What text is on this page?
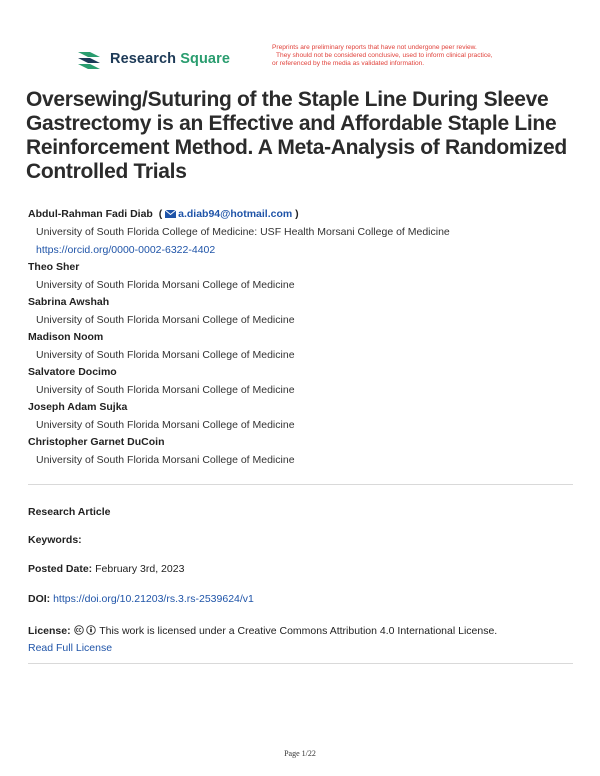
Research Square
Preprints are preliminary reports that have not undergone peer review.
They should not be considered conclusive, used to inform clinical practice,
or referenced by the media as validated information.
Oversewing/Suturing of the Staple Line During Sleeve Gastrectomy is an Effective and Affordable Staple Line Reinforcement Method. A Meta-Analysis of Randomized Controlled Trials
Abdul-Rahman Fadi Diab ( a.diab94@hotmail.com )
University of South Florida College of Medicine: USF Health Morsani College of Medicine
https://orcid.org/0000-0002-6322-4402
Theo Sher
University of South Florida Morsani College of Medicine
Sabrina Awshah
University of South Florida Morsani College of Medicine
Madison Noom
University of South Florida Morsani College of Medicine
Salvatore Docimo
University of South Florida Morsani College of Medicine
Joseph Adam Sujka
University of South Florida Morsani College of Medicine
Christopher Garnet DuCoin
University of South Florida Morsani College of Medicine
Research Article
Keywords:
Posted Date: February 3rd, 2023
DOI: https://doi.org/10.21203/rs.3.rs-2539624/v1
License:	This work is licensed under a Creative Commons Attribution 4.0 International License.
Read Full License
Page 1/22
